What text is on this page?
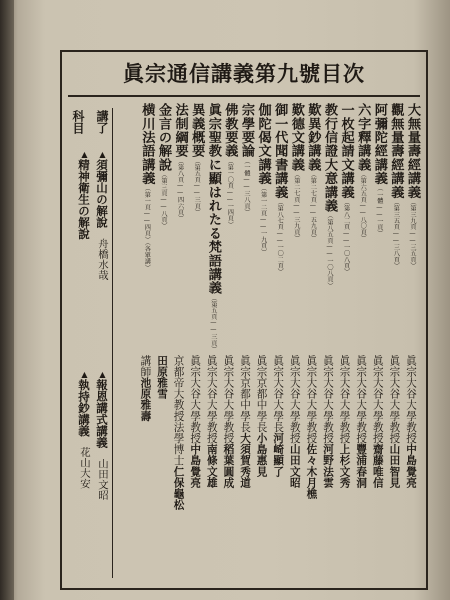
眞宗通信講義第九號目次
大無量壽經講義（第三九頁——三五頁）
眞宗大谷大學教授中島覺亮
觀無量壽經講義（第三五頁——三八頁）
眞宗大谷大學教授山田智見
阿彌陀經講義（一體——一頁）
眞宗大谷大學教授齋藤唯信
六字釋講義（第六五頁——八〇頁）
眞宗大谷大學教授豐浦春洞
一枚起請文講義（第八二頁——一〇八頁）
眞宗大谷大學教授上杉文秀
教行信證大意講義（第八五頁——一〇八頁）
眞宗大谷大學教授河野法雲
歎異鈔講義（第二七頁——五九頁）
眞宗大谷大學教授佐々木月樵
歎德文講義（第二七頁——三九頁）
眞宗大谷大學教授山田文昭
御一代聞書講義（第八七頁——一〇二頁）
眞宗大谷大學長河崎顯了
伽陀偈文講義（第一二頁——一九頁）
眞宗京都中學長小島惠見
宗學要論（一體——三八頁）
眞宗京都中學長大須賀秀道
佛教要義（第一〇頁——一四頁）
眞宗大谷大學教授稻葉圓成
眞宗聖教に顯はれたる梵語講義（第五頁——三頁）
眞宗大谷大學教授南條文雄
異義概要（第五頁——三頁）
眞宗大谷大學教授中島覺亮
法制綱要（第八頁——四六頁）
京都帝大教授法學博士仁保龜松
金言の解說（第三頁——八頁）
田原雅雪
横川法語講義（第一頁——四頁）（各單講）
講師池原雅壽
講了
科目
▲須彌山の解說　舟橋水哉
▲精神衛生の解說
▲報恩講式講義　山田文昭
▲執持鈔講義　花山大安
